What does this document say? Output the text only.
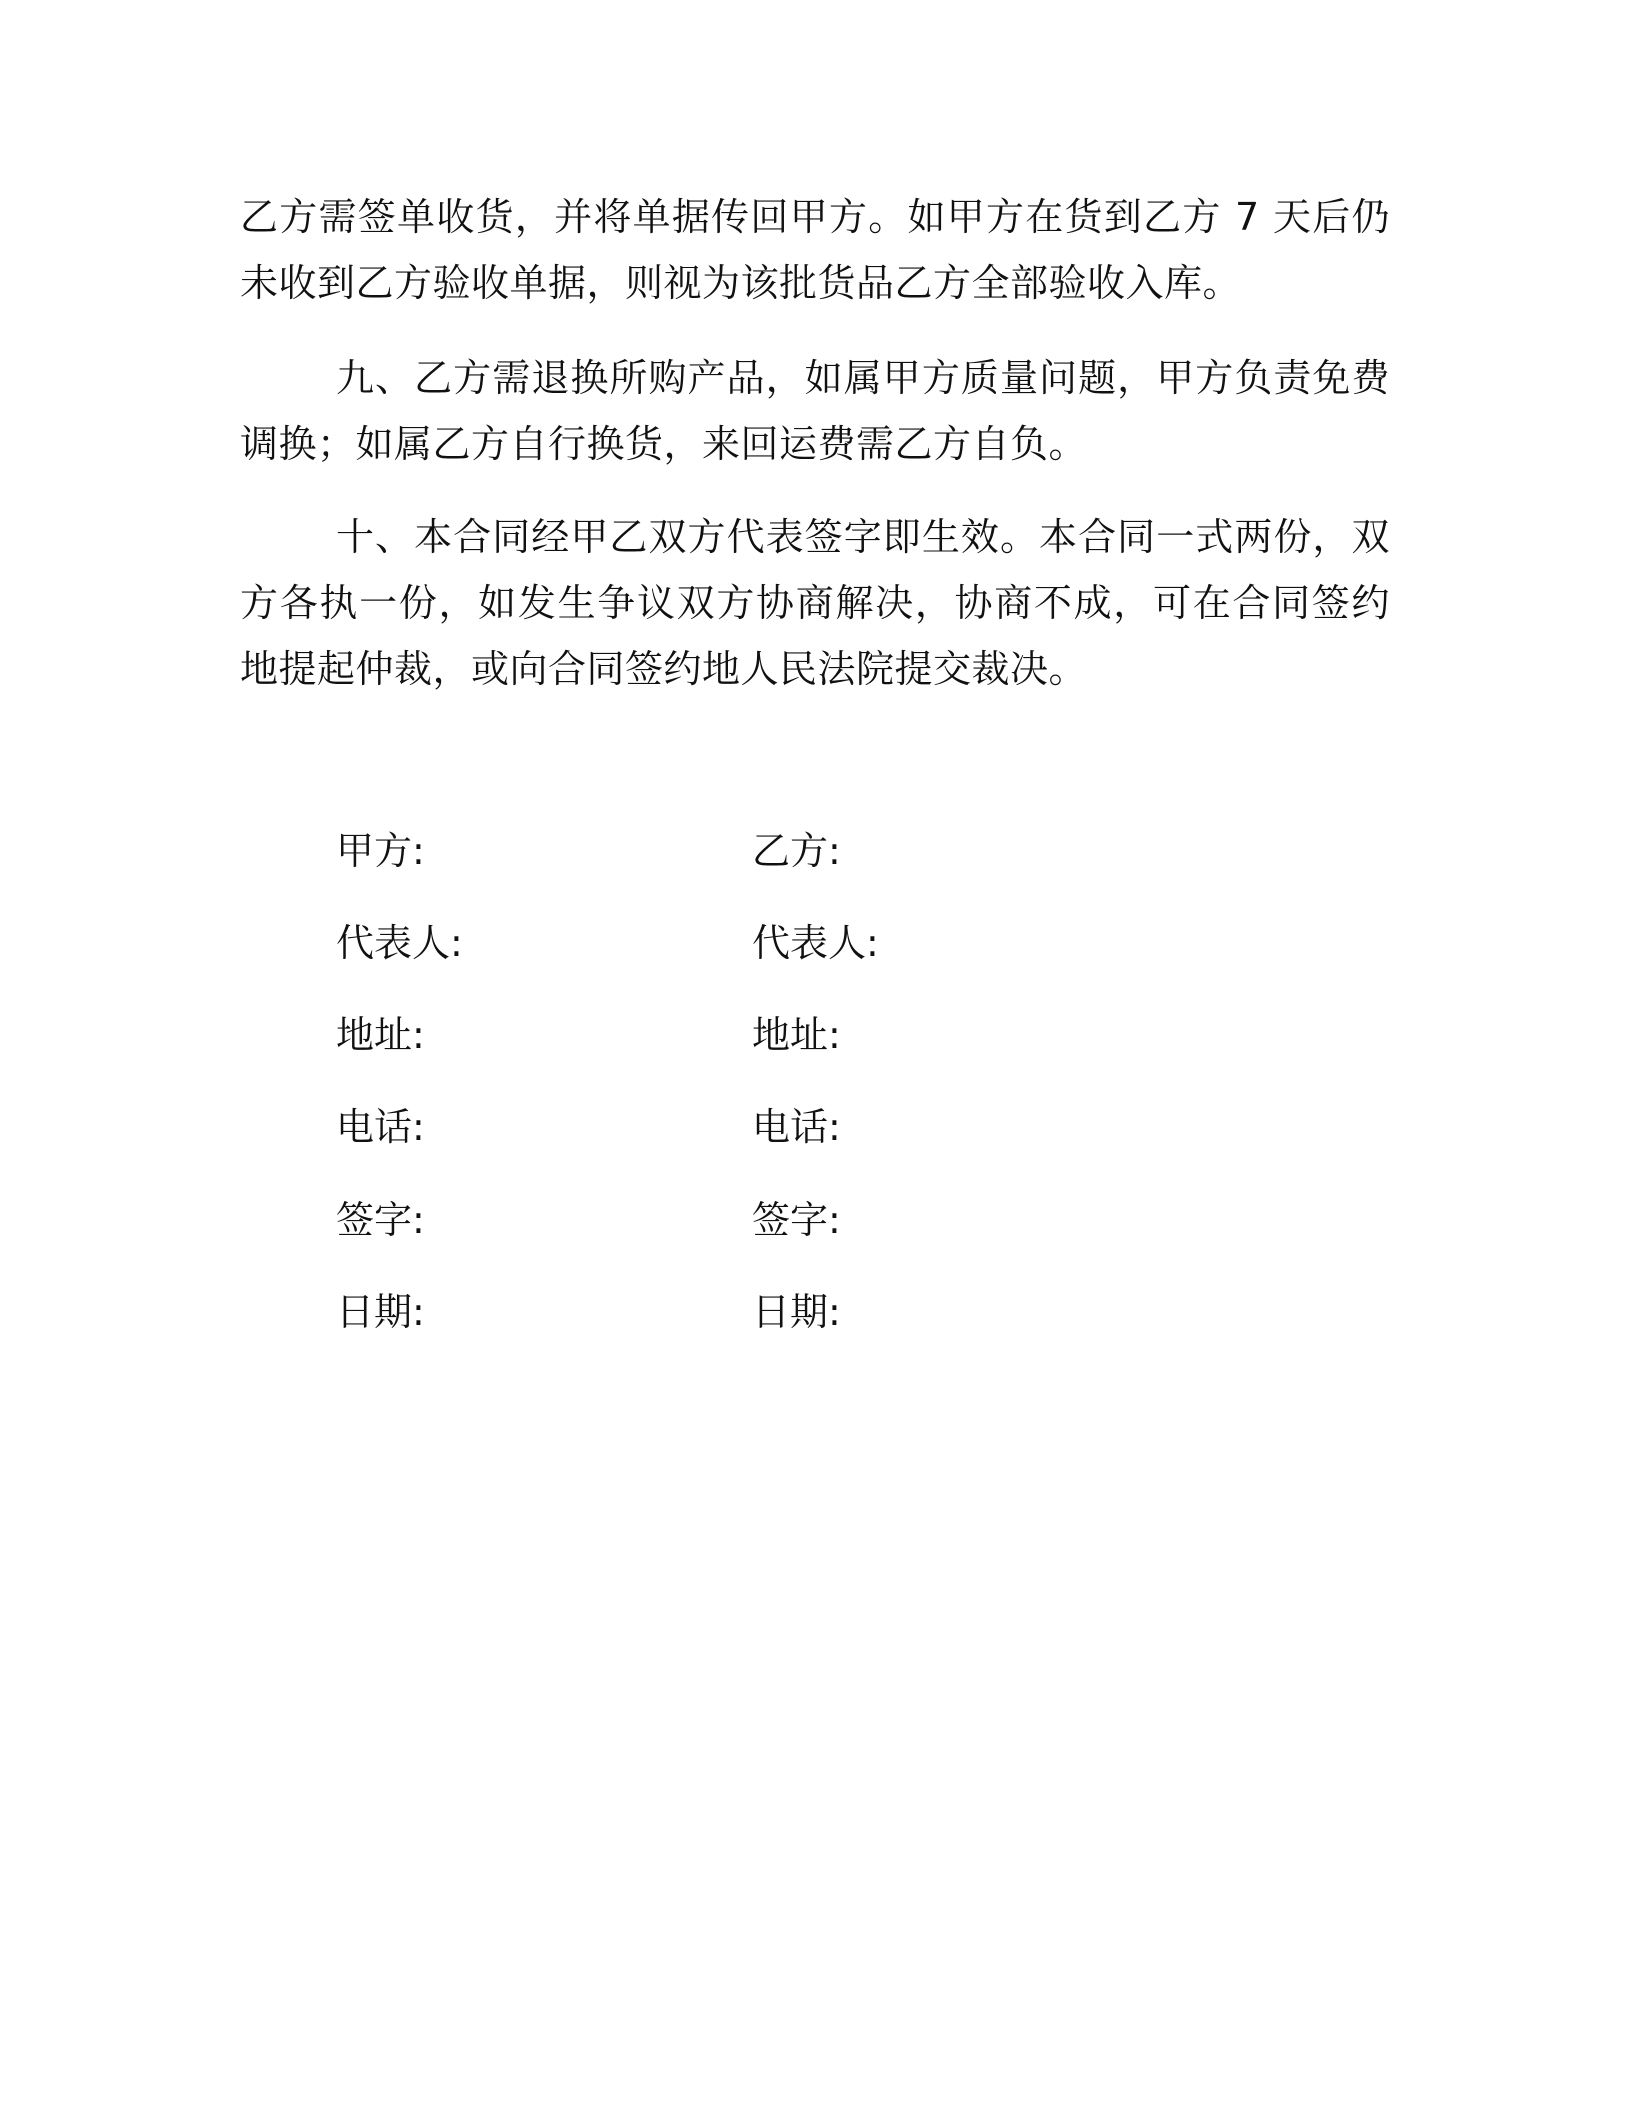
乙方需签单收货，并将单据传回甲方。如甲方在货到乙方 7 天后仍未收到乙方验收单据，则视为该批货品乙方全部验收入库。

九、乙方需退换所购产品，如属甲方质量问题，甲方负责免费调换；如属乙方自行换货，来回运费需乙方自负。

十、本合同经甲乙双方代表签字即生效。本合同一式两份，双方各执一份，如发生争议双方协商解决，协商不成，可在合同签约地提起仲裁，或向合同签约地人民法院提交裁决。

甲方:	乙方:
代表人:	代表人:
地址:	地址:
电话:	电话:
签字:	签字:
日期:	日期:
